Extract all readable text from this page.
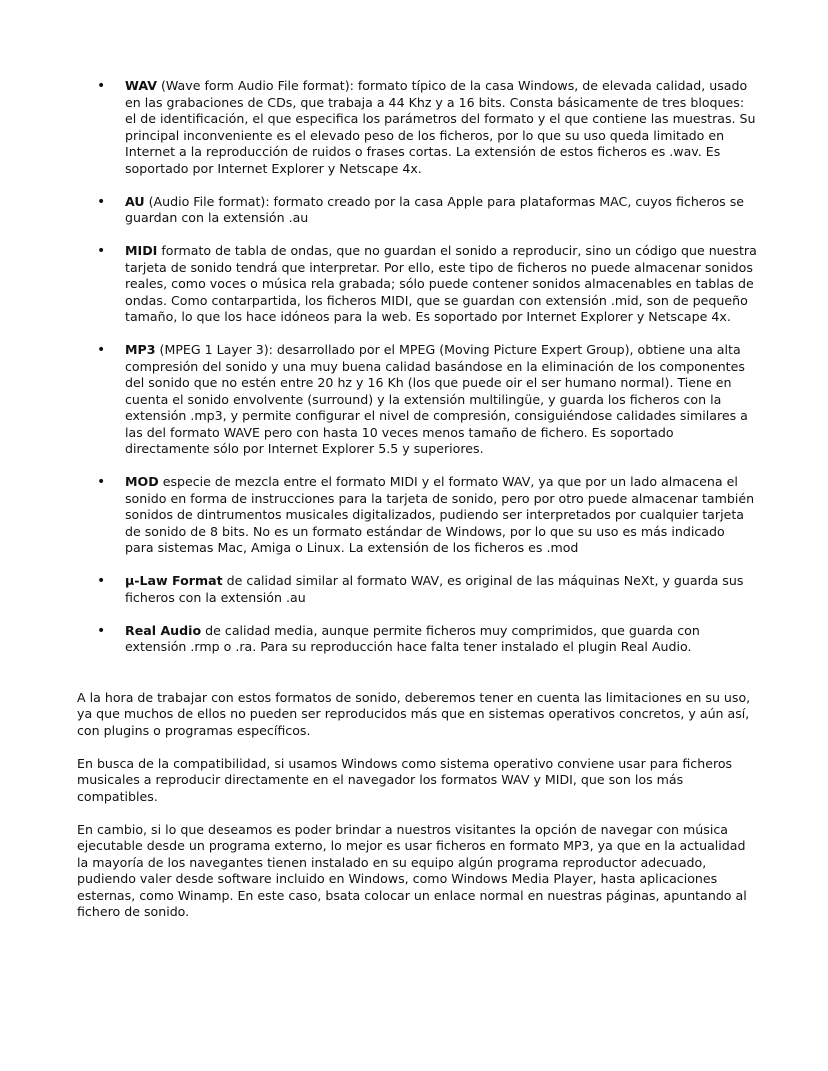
• WAV (Wave form Audio File format): formato típico de la casa Windows, de elevada calidad, usado en las grabaciones de CDs, que trabaja a 44 Khz y a 16 bits. Consta básicamente de tres bloques: el de identificación, el que especifica los parámetros del formato y el que contiene las muestras. Su principal inconveniente es el elevado peso de los ficheros, por lo que su uso queda limitado en Internet a la reproducción de ruidos o frases cortas. La extensión de estos ficheros es .wav. Es soportado por Internet Explorer y Netscape 4x.
• AU (Audio File format): formato creado por la casa Apple para plataformas MAC, cuyos ficheros se guardan con la extensión .au
• MIDI formato de tabla de ondas, que no guardan el sonido a reproducir, sino un código que nuestra tarjeta de sonido tendrá que interpretar. Por ello, este tipo de ficheros no puede almacenar sonidos reales, como voces o música rela grabada; sólo puede contener sonidos almacenables en tablas de ondas. Como contarpartida, los ficheros MIDI, que se guardan con extensión .mid, son de pequeño tamaño, lo que los hace idóneos para la web. Es soportado por Internet Explorer y Netscape 4x.
• MP3 (MPEG 1 Layer 3): desarrollado por el MPEG (Moving Picture Expert Group), obtiene una alta compresión del sonido y una muy buena calidad basándose en la eliminación de los componentes del sonido que no estén entre 20 hz y 16 Kh (los que puede oir el ser humano normal). Tiene en cuenta el sonido envolvente (surround) y la extensión multilingüe, y guarda los ficheros con la extensión .mp3, y permite configurar el nivel de compresión, consiguiéndose calidades similares a las del formato WAVE pero con hasta 10 veces menos tamaño de fichero. Es soportado directamente sólo por Internet Explorer 5.5 y superiores.
• MOD especie de mezcla entre el formato MIDI y el formato WAV, ya que por un lado almacena el sonido en forma de instrucciones para la tarjeta de sonido, pero por otro puede almacenar también sonidos de dintrumentos musicales digitalizados, pudiendo ser interpretados por cualquier tarjeta de sonido de 8 bits. No es un formato estándar de Windows, por lo que su uso es más indicado para sistemas Mac, Amiga o Linux. La extensión de los ficheros es .mod
• µ-Law Format de calidad similar al formato WAV, es original de las máquinas NeXt, y guarda sus ficheros con la extensión .au
• Real Audio de calidad media, aunque permite ficheros muy comprimidos, que guarda con extensión .rmp o .ra. Para su reproducción hace falta tener instalado el plugin Real Audio.

A la hora de trabajar con estos formatos de sonido, deberemos tener en cuenta las limitaciones en su uso, ya que muchos de ellos no pueden ser reproducidos más que en sistemas operativos concretos, y aún así, con plugins o programas específicos.

En busca de la compatibilidad, si usamos Windows como sistema operativo conviene usar para ficheros musicales a reproducir directamente en el navegador los formatos WAV y MIDI, que son los más compatibles.

En cambio, si lo que deseamos es poder brindar a nuestros visitantes la opción de navegar con música ejecutable desde un programa externo, lo mejor es usar ficheros en formato MP3, ya que en la actualidad la mayoría de los navegantes tienen instalado en su equipo algún programa reproductor adecuado, pudiendo valer desde software incluido en Windows, como Windows Media Player, hasta aplicaciones esternas, como Winamp. En este caso, bsata colocar un enlace normal en nuestras páginas, apuntando al fichero de sonido.
